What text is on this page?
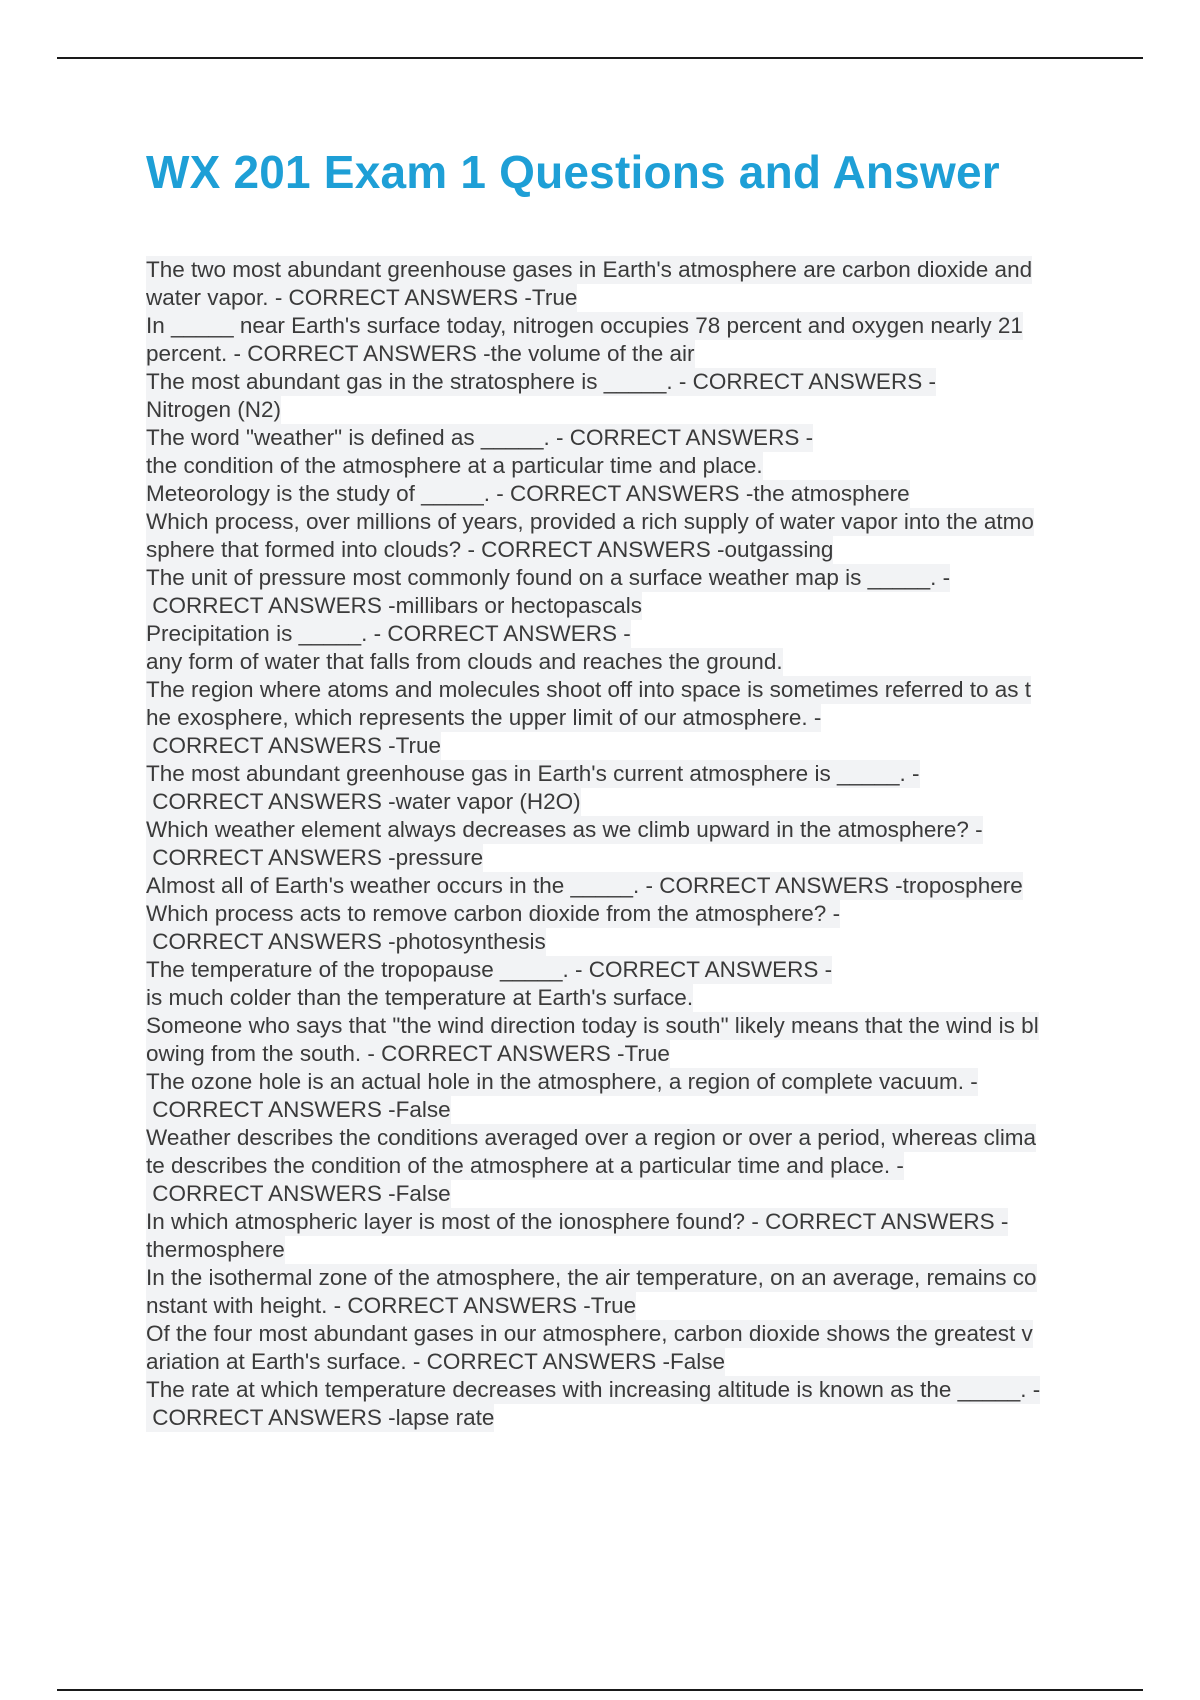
WX 201 Exam 1 Questions and Answer
The two most abundant greenhouse gases in Earth's atmosphere are carbon dioxide and
water vapor. - CORRECT ANSWERS -True
In _____ near Earth's surface today, nitrogen occupies 78 percent and oxygen nearly 21
percent. - CORRECT ANSWERS -the volume of the air
The most abundant gas in the stratosphere is _____. - CORRECT ANSWERS -
Nitrogen (N2)
The word "weather" is defined as _____. - CORRECT ANSWERS -
the condition of the atmosphere at a particular time and place.
Meteorology is the study of _____. - CORRECT ANSWERS -the atmosphere
Which process, over millions of years, provided a rich supply of water vapor into the atmo
sphere that formed into clouds? - CORRECT ANSWERS -outgassing
The unit of pressure most commonly found on a surface weather map is _____. -
CORRECT ANSWERS -millibars or hectopascals
Precipitation is _____. - CORRECT ANSWERS -
any form of water that falls from clouds and reaches the ground.
The region where atoms and molecules shoot off into space is sometimes referred to as t
he exosphere, which represents the upper limit of our atmosphere. -
CORRECT ANSWERS -True
The most abundant greenhouse gas in Earth's current atmosphere is _____. -
CORRECT ANSWERS -water vapor (H2O)
Which weather element always decreases as we climb upward in the atmosphere? -
CORRECT ANSWERS -pressure
Almost all of Earth's weather occurs in the _____. - CORRECT ANSWERS -troposphere
Which process acts to remove carbon dioxide from the atmosphere? -
CORRECT ANSWERS -photosynthesis
The temperature of the tropopause _____. - CORRECT ANSWERS -
is much colder than the temperature at Earth's surface.
Someone who says that "the wind direction today is south" likely means that the wind is bl
owing from the south. - CORRECT ANSWERS -True
The ozone hole is an actual hole in the atmosphere, a region of complete vacuum. -
CORRECT ANSWERS -False
Weather describes the conditions averaged over a region or over a period, whereas clima
te describes the condition of the atmosphere at a particular time and place. -
CORRECT ANSWERS -False
In which atmospheric layer is most of the ionosphere found? - CORRECT ANSWERS -
thermosphere
In the isothermal zone of the atmosphere, the air temperature, on an average, remains co
nstant with height. - CORRECT ANSWERS -True
Of the four most abundant gases in our atmosphere, carbon dioxide shows the greatest v
ariation at Earth's surface. - CORRECT ANSWERS -False
The rate at which temperature decreases with increasing altitude is known as the _____. -
CORRECT ANSWERS -lapse rate
